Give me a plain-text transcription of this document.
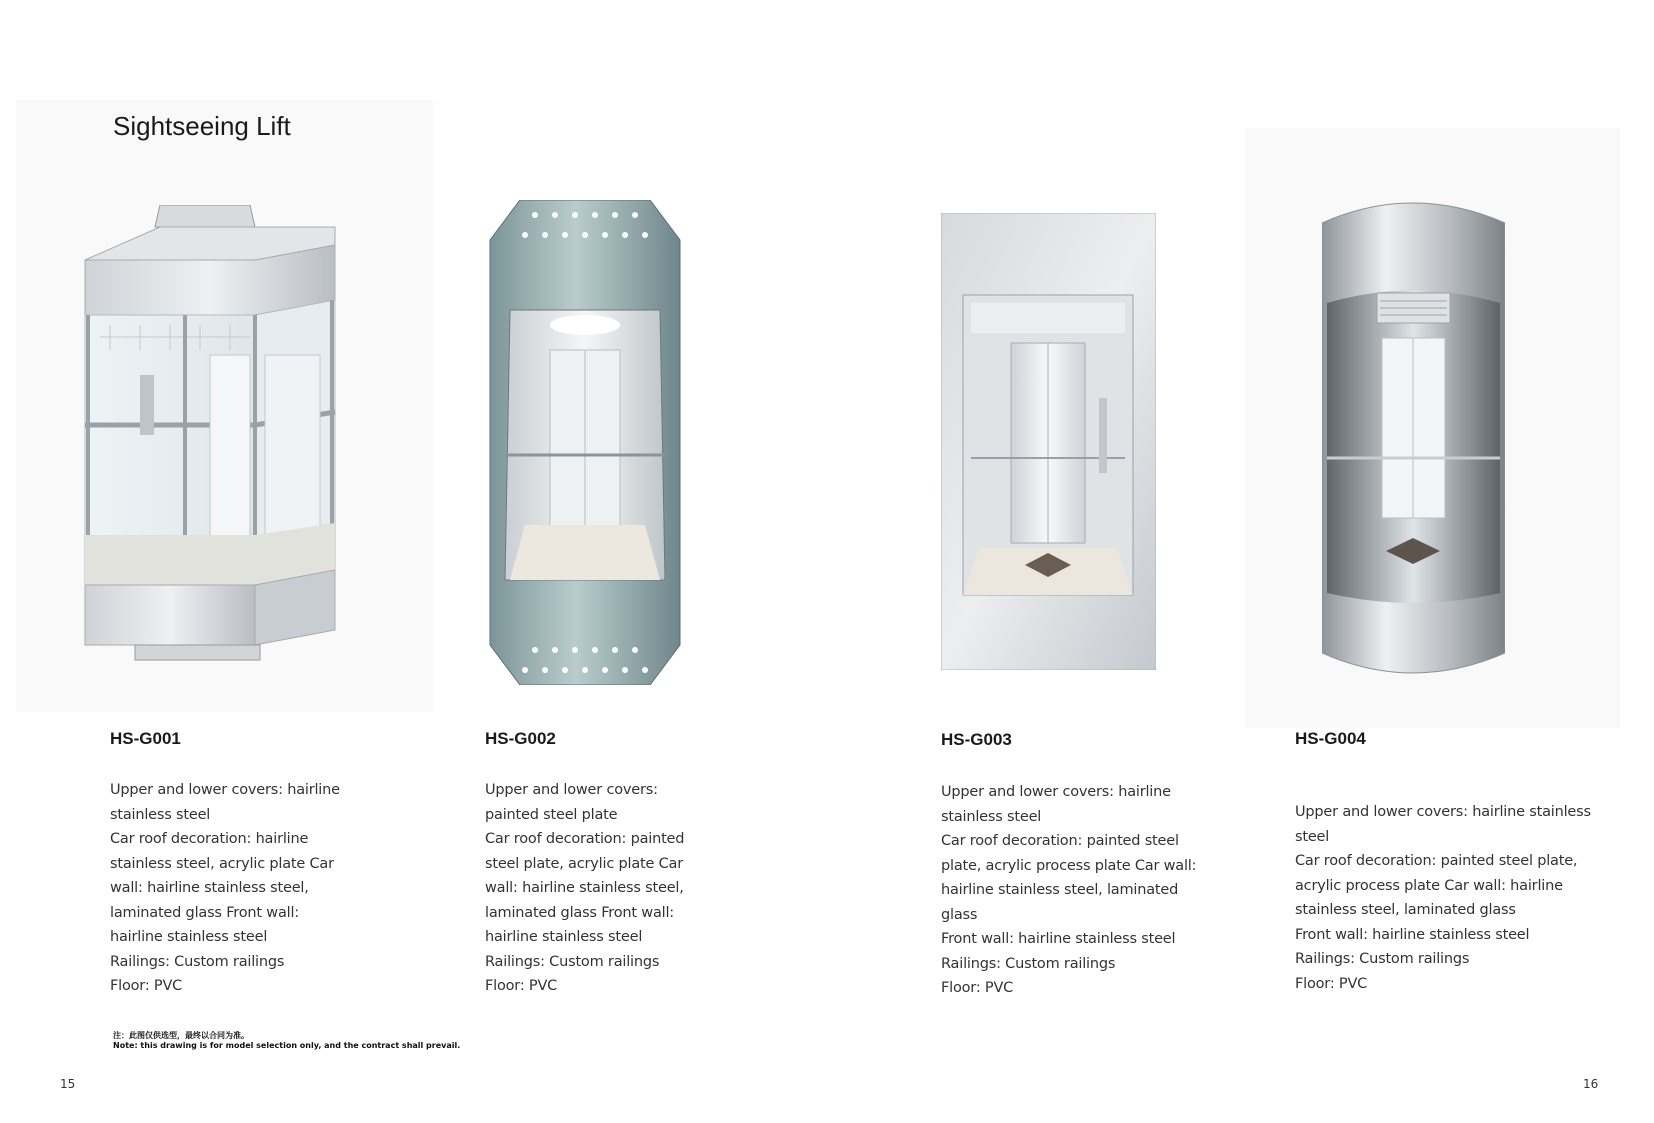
Sightseeing Lift
HS-G001
Upper and lower covers: hairline
stainless steel
Car roof decoration: hairline
stainless steel, acrylic plate Car
wall: hairline stainless steel,
laminated glass Front wall:
hairline stainless steel
Railings: Custom railings
Floor: PVC
HS-G002
Upper and lower covers:
painted steel plate
Car roof decoration: painted
steel plate, acrylic plate Car
wall: hairline stainless steel,
laminated glass Front wall:
hairline stainless steel
Railings: Custom railings
Floor: PVC
HS-G003
Upper and lower covers: hairline
stainless steel
Car roof decoration: painted steel
plate, acrylic process plate Car wall:
hairline stainless steel, laminated
glass
Front wall: hairline stainless steel
Railings: Custom railings
Floor: PVC
HS-G004
Upper and lower covers: hairline stainless
steel
Car roof decoration: painted steel plate,
acrylic process plate Car wall: hairline
stainless steel, laminated glass
Front wall: hairline stainless steel
Railings: Custom railings
Floor: PVC
注：此图仅供选型，最终以合同为准。
Note: this drawing is for model selection only, and the contract shall prevail.
15	16
